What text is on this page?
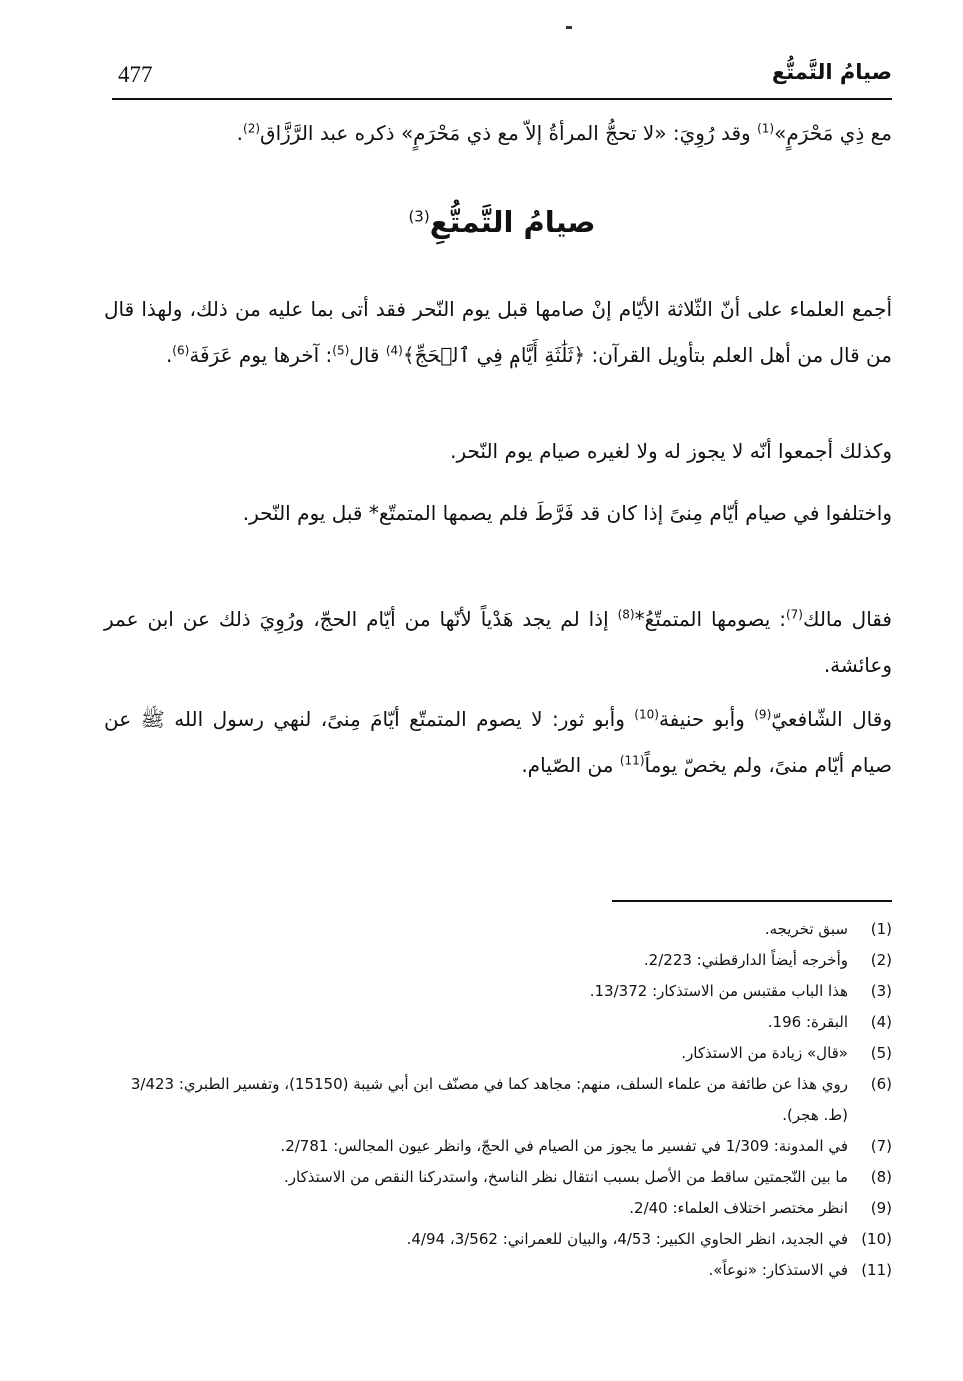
477	صيامُ التَّمتُّع

مع ذِي مَحْرَمٍ»$^{(1)}$ وقد رُوِيَ: «لا تحجُّ المرأةُ إلاّ مع ذي مَحْرَمٍ» ذكره عبد الرَّزَّاق$^{(2)}$.

صيامُ التَّمتُّعِ$^{(3)}$

أجمع العلماء على أنّ الثّلاثة الأيّام إنْ صامها قبل يوم النّحر فقد أتى بما عليه من ذلك، ولهذا قال من قال من أهل العلم بتأويل القرآن: ﴿ثَلَٰثَةِ أَيَّامٖ فِي ٱلۡحَجِّ﴾$^{(4)}$ قال$^{(5)}$: آخرها يوم عَرَفَة$^{(6)}$.

وكذلك أجمعوا أنّه لا يجوز له ولا لغيره صيام يوم النّحر.

واختلفوا في صيام أيّام مِنىً إذا كان قد فَرَّطَ فلم يصمها المتمتّع* قبل يوم النّحر.

فقال مالك$^{(7)}$: يصومها المتمتّعُ*$^{(8)}$ إذا لم يجد هَدْياً لأنّها من أيّام الحجّ، ورُوِيَ ذلك عن ابن عمر وعائشة.

وقال الشّافعيّ$^{(9)}$ وأبو حنيفة$^{(10)}$ وأبو ثور: لا يصوم المتمتّع أيّامَ مِنىً، لنهي رسول الله ﷺ عن صيام أيّام منىً، ولم يخصّ يوماً$^{(11)}$ من الصّيام.

(1)
سبق تخريجه.
(2)
وأخرجه أيضاً الدارقطني: 2/223.
(3)
هذا الباب مقتبس من الاستذكار: 13/372.
(4)
البقرة: 196.
(5)
«قال» زيادة من الاستذكار.
(6)
روي هذا عن طائفة من علماء السلف، منهم: مجاهد كما في مصنّف ابن أبي شيبة (15150)، وتفسير الطبري: 3/423 (ط. هجر).
(7)
في المدونة: 1/309 في تفسير ما يجوز من الصيام في الحجّ، وانظر عيون المجالس: 2/781.
(8)
ما بين النّجمتين ساقط من الأصل بسبب انتقال نظر الناسخ، واستدركنا النقص من الاستذكار.
(9)
انظر مختصر اختلاف العلماء: 2/40.
(10)
في الجديد، انظر الحاوي الكبير: 4/53، والبيان للعمراني: 3/562، 4/94.
(11)
في الاستذكار: «نوعاً».
